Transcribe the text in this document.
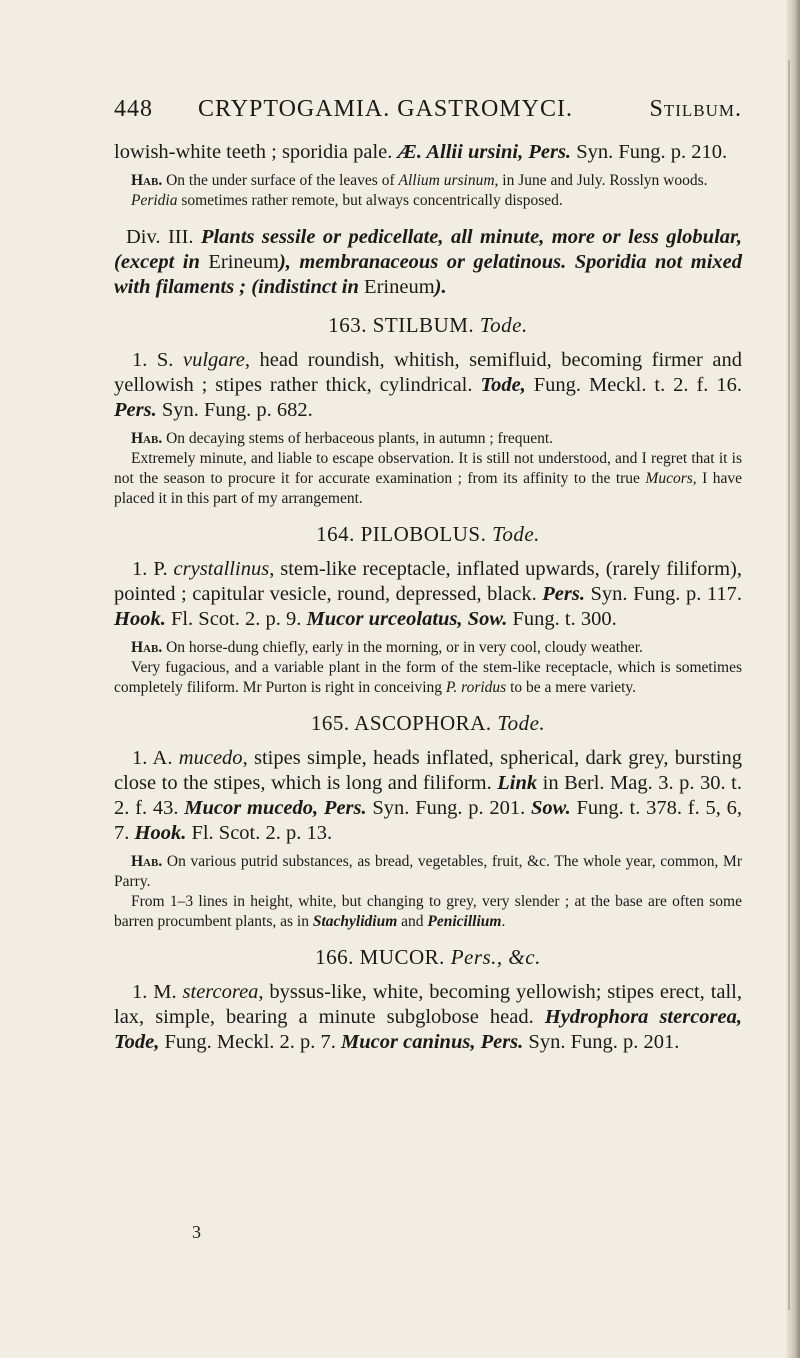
448 CRYPTOGAMIA. GASTROMYCI.	Stilbum.

lowish-white teeth ; sporidia pale. Æ. Allii ursini, Pers. Syn. Fung. p. 210.

Hab. On the under surface of the leaves of Allium ursinum, in June and July. Rosslyn woods.

Peridia sometimes rather remote, but always concentrically disposed.

Div. III. Plants sessile or pedicellate, all minute, more or less globular, (except in Erineum), membranaceous or gelatinous. Sporidia not mixed with filaments ; (indistinct in Erineum).

163. STILBUM. Tode.

1. S. vulgare, head roundish, whitish, semifluid, becoming firmer and yellowish ; stipes rather thick, cylindrical. Tode, Fung. Meckl. t. 2. f. 16. Pers. Syn. Fung. p. 682.

Hab. On decaying stems of herbaceous plants, in autumn ; frequent.

Extremely minute, and liable to escape observation. It is still not understood, and I regret that it is not the season to procure it for accurate examination ; from its affinity to the true Mucors, I have placed it in this part of my arrangement.

164. PILOBOLUS. Tode.

1. P. crystallinus, stem-like receptacle, inflated upwards, (rarely filiform), pointed ; capitular vesicle, round, depressed, black. Pers. Syn. Fung. p. 117. Hook. Fl. Scot. 2. p. 9. Mucor urceolatus, Sow. Fung. t. 300.

Hab. On horse-dung chiefly, early in the morning, or in very cool, cloudy weather.

Very fugacious, and a variable plant in the form of the stem-like receptacle, which is sometimes completely filiform. Mr Purton is right in conceiving P. roridus to be a mere variety.

165. ASCOPHORA. Tode.

1. A. mucedo, stipes simple, heads inflated, spherical, dark grey, bursting close to the stipes, which is long and filiform. Link in Berl. Mag. 3. p. 30. t. 2. f. 43. Mucor mucedo, Pers. Syn. Fung. p. 201. Sow. Fung. t. 378. f. 5, 6, 7. Hook. Fl. Scot. 2. p. 13.

Hab. On various putrid substances, as bread, vegetables, fruit, &c. The whole year, common, Mr Parry.

From 1–3 lines in height, white, but changing to grey, very slender ; at the base are often some barren procumbent plants, as in Stachylidium and Penicillium.

166. MUCOR. Pers., &c.

1. M. stercorea, byssus-like, white, becoming yellowish; stipes erect, tall, lax, simple, bearing a minute subglobose head. Hydrophora stercorea, Tode, Fung. Meckl. 2. p. 7. Mucor caninus, Pers. Syn. Fung. p. 201.

3
